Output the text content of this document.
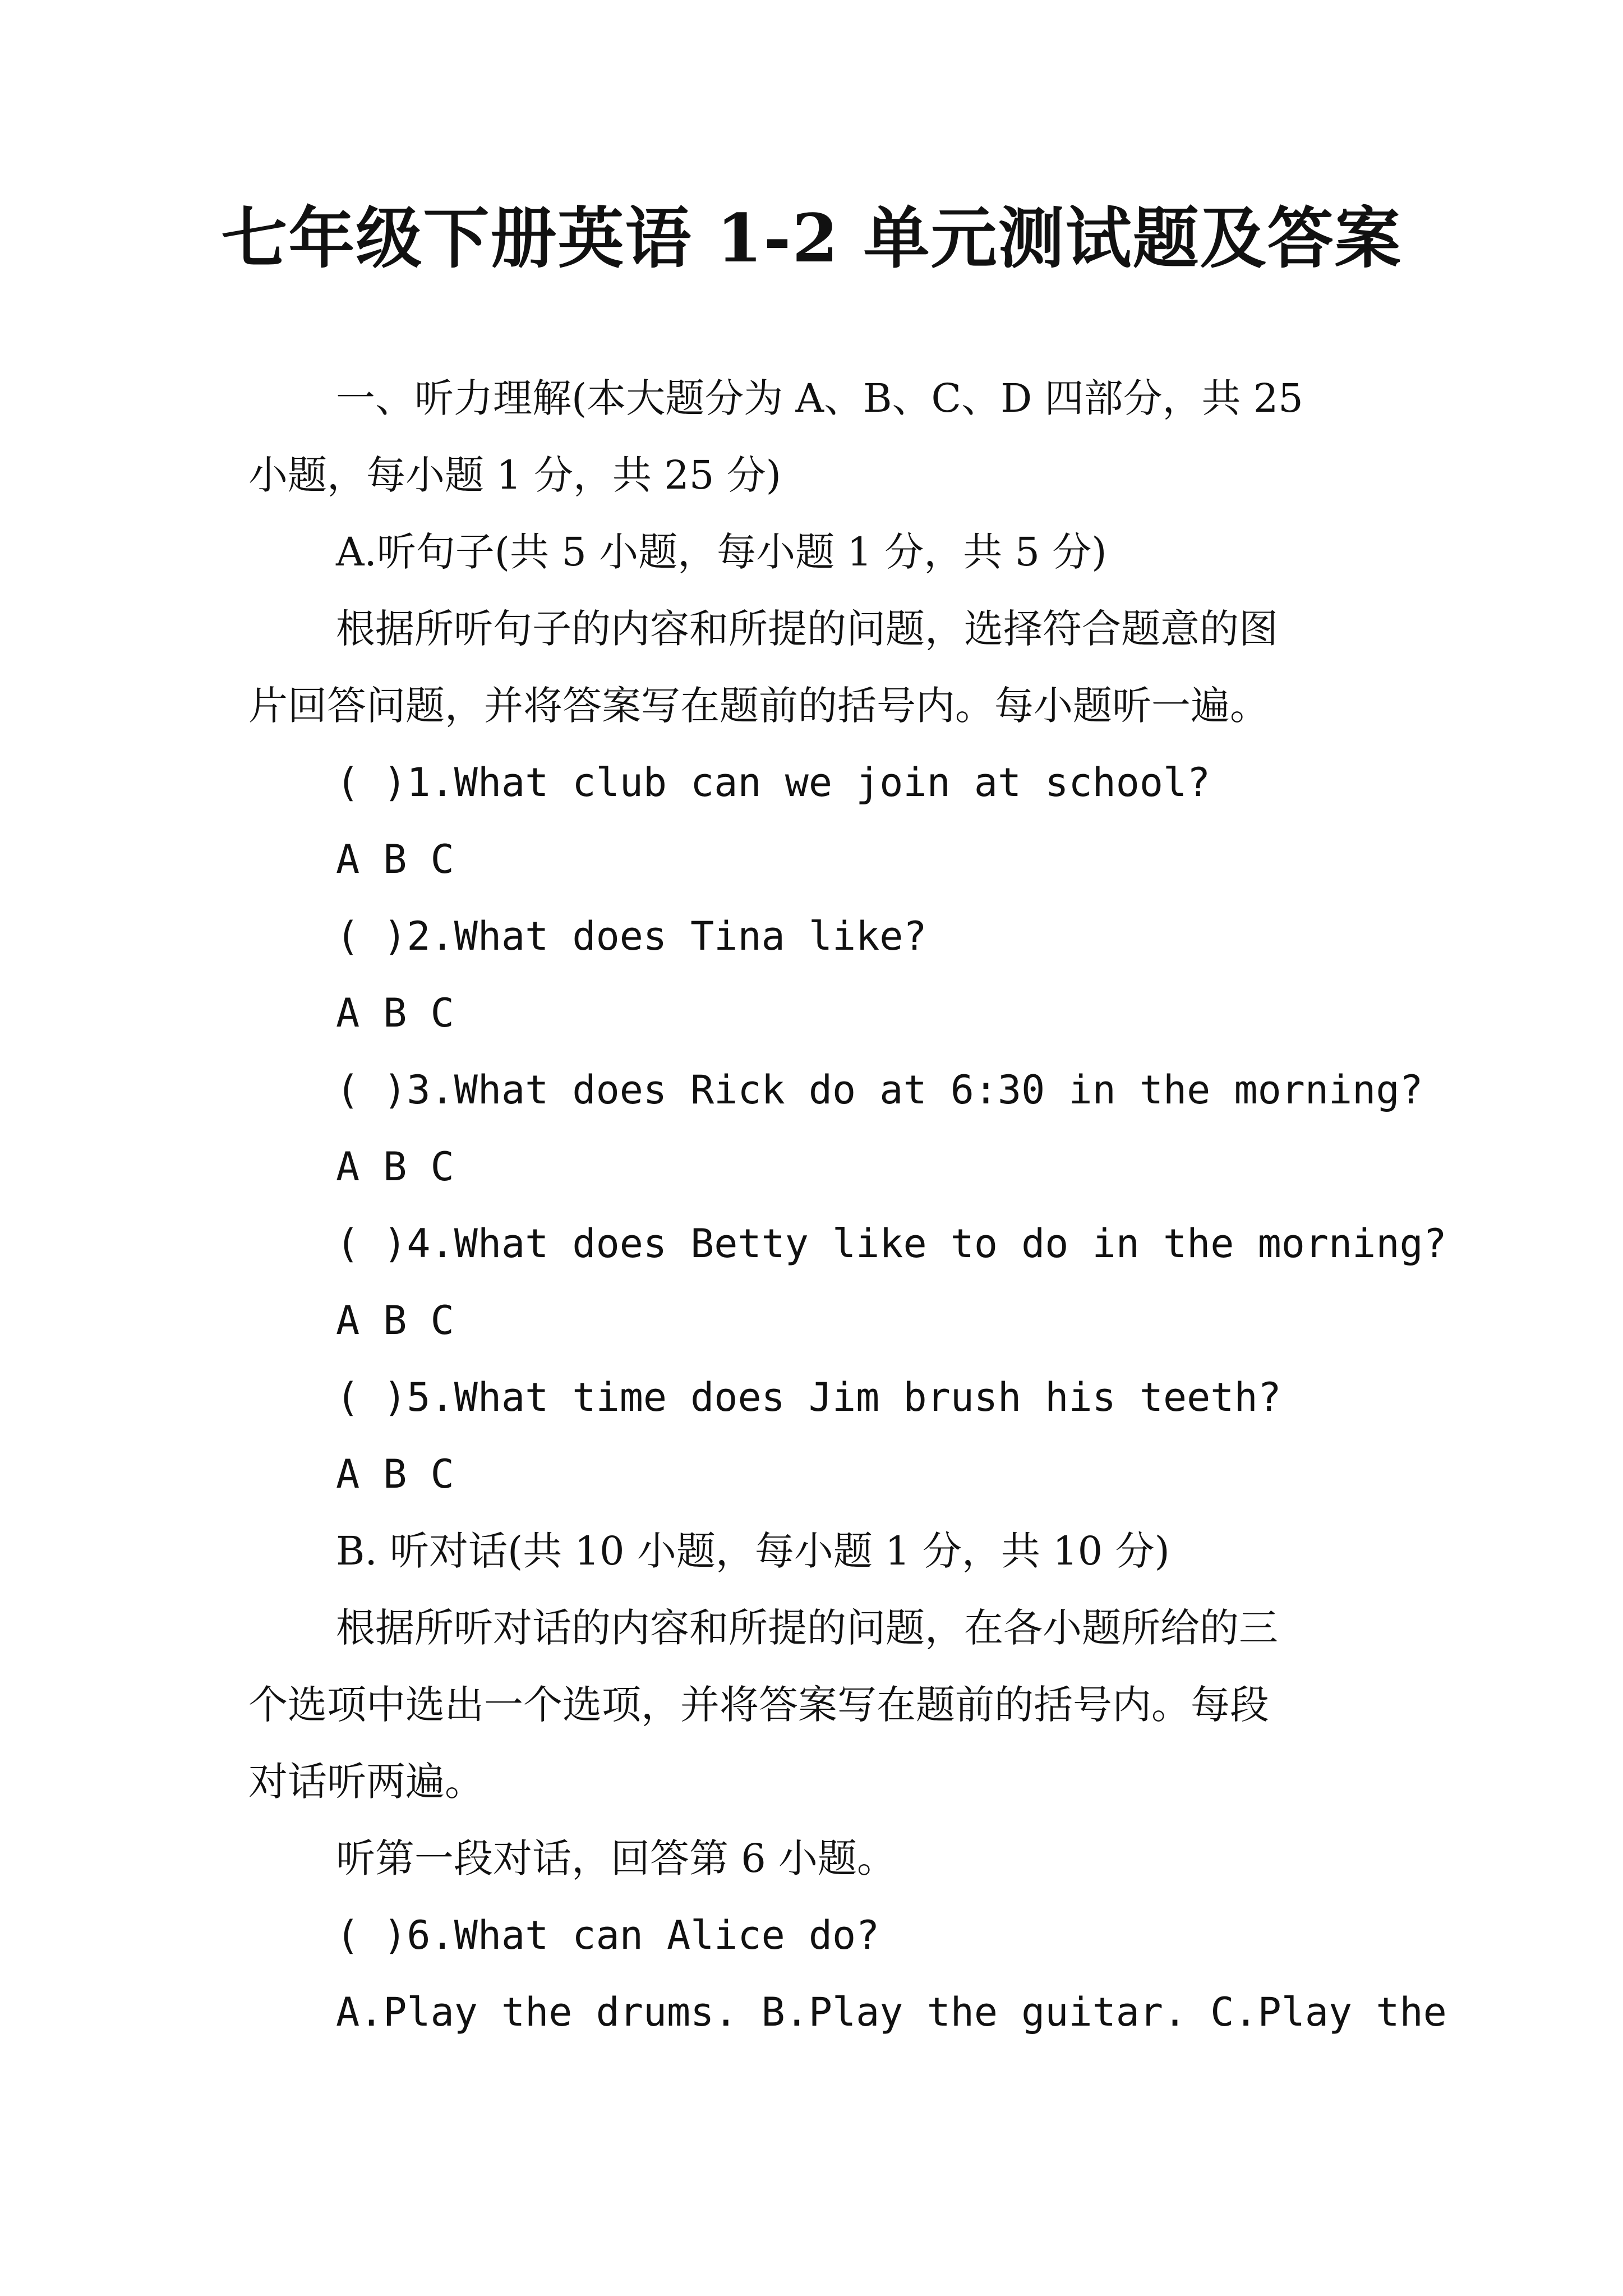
七年级下册英语 1-2 单元测试题及答案
一、听力理解(本大题分为 A、B、C、D 四部分，共 25
小题，每小题 1 分，共 25 分)
A.听句子(共 5 小题，每小题 1 分，共 5 分)
根据所听句子的内容和所提的问题，选择符合题意的图
片回答问题，并将答案写在题前的括号内。每小题听一遍。
( )1.What club can we join at school?
A B C
( )2.What does Tina like?
A B C
( )3.What does Rick do at 6:30 in the morning?
A B C
( )4.What does Betty like to do in the morning?
A B C
( )5.What time does Jim brush his teeth?
A B C
B. 听对话(共 10 小题，每小题 1 分，共 10 分)
根据所听对话的内容和所提的问题，在各小题所给的三
个选项中选出一个选项，并将答案写在题前的括号内。每段
对话听两遍。
听第一段对话，回答第 6 小题。
( )6.What can Alice do?
A.Play the drums. B.Play the guitar. C.Play the
